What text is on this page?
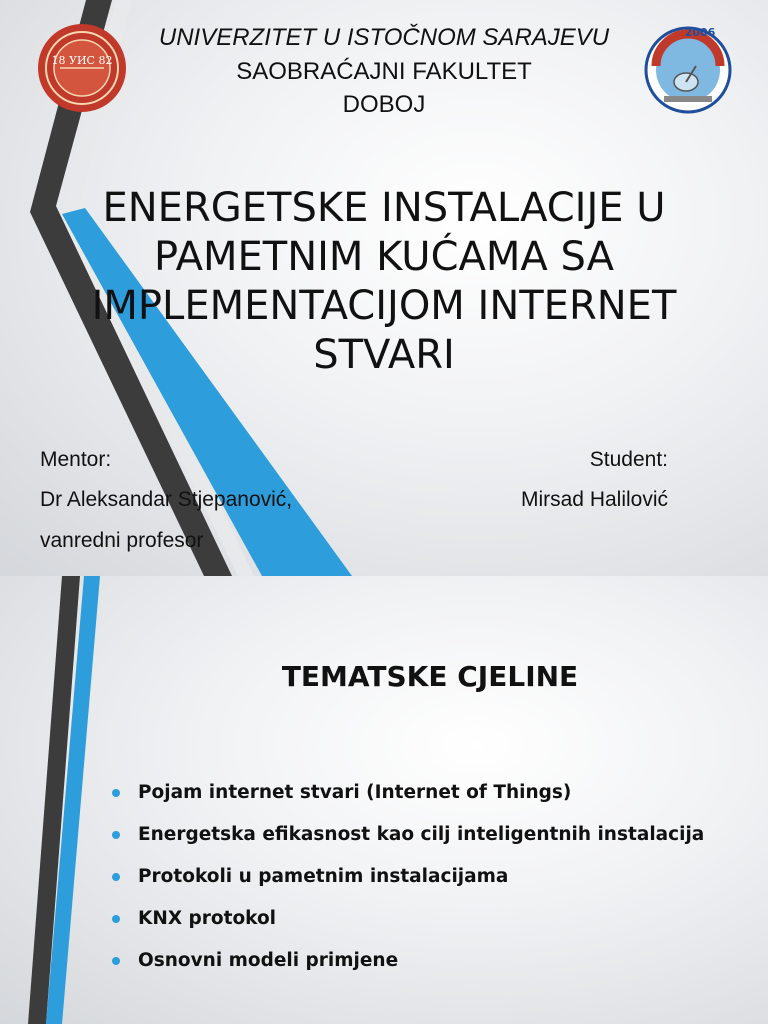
18 УИС 82
2006
UNIVERZITET U ISTOČNOM SARAJEVU
SAOBRAĆAJNI FAKULTET
DOBOJ
ENERGETSKE INSTALACIJE U
PAMETNIM KUĆAMA SA
IMPLEMENTACIJOM INTERNET
STVARI
Mentor:
Dr Aleksandar Stjepanović,
vanredni profesor
Student:
Mirsad Halilović
TEMATSKE CJELINE
Pojam internet stvari (Internet of Things)
Energetska efikasnost kao cilj inteligentnih instalacija
Protokoli u pametnim instalacijama
KNX protokol
Osnovni modeli primjene
